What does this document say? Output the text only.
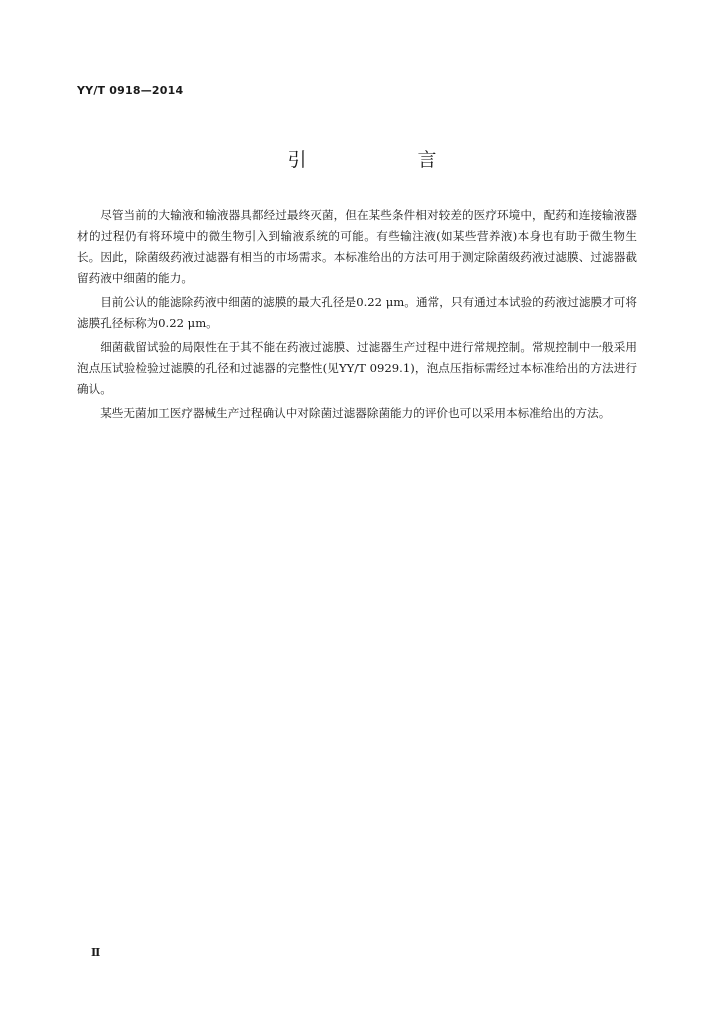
YY/T 0918—2014
引　言

尽管当前的大输液和输液器具都经过最终灭菌，但在某些条件相对较差的医疗环境中，配药和连接输液器材的过程仍有将环境中的微生物引入到输液系统的可能。有些输注液(如某些营养液)本身也有助于微生物生长。因此，除菌级药液过滤器有相当的市场需求。本标准给出的方法可用于测定除菌级药液过滤膜、过滤器截留药液中细菌的能力。

目前公认的能滤除药液中细菌的滤膜的最大孔径是0.22 μm。通常，只有通过本试验的药液过滤膜才可将滤膜孔径标称为0.22 μm。

细菌截留试验的局限性在于其不能在药液过滤膜、过滤器生产过程中进行常规控制。常规控制中一般采用泡点压试验检验过滤膜的孔径和过滤器的完整性(见YY/T 0929.1)，泡点压指标需经过本标准给出的方法进行确认。

某些无菌加工医疗器械生产过程确认中对除菌过滤器除菌能力的评价也可以采用本标准给出的方法。

Ⅱ
